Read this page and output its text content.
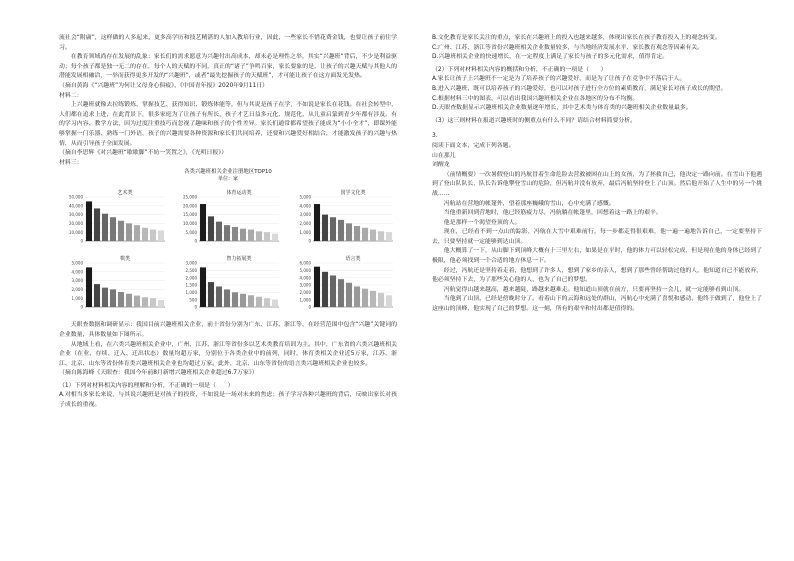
流社会“附庸”，这样做的人多起来，更多高学历和技艺精湛的人加入教培行业，因此，一些家长不惜花费金钱，也要让孩子前往学习。

在教育领域尚存在发展的乱象：家长们的需求愿意为兴趣付出高成本，却未必是理性之举，其实“兴趣班”背后，不少是利益驱动；每个孩子都是独一无二的存在，每个人的天赋的不同，真正的“诸子”争鸣百家，家长要象的是，让孩子的兴趣天赋与其他人的潜能发展相融洽，一举而获得更多开发的“兴趣班”，或者“最先挖掘孩子的天赋班”，才可能让孩子在这方面发光发热。

（摘自黄海《“兴趣班”为何让父母身心俱疲》，《中国青年报》2020年9月11日）

材料二：

上兴趣班就像去拉练锻炼、掌握技艺、获得知识、锻炼体能等，但与其说是孩子在学，不如说是家长在花钱。在社会转型中，人们都在追求上进，在此背景下，很多家庭为了让孩子有所长，孩子才艺日益多元化、规范化，从儿童启蒙到青少年都有涉及。有的学习内容、教学方法，因为过度注重技巧而忽视了趣味和孩子的个性差异。家长们通常都希望孩子能成为“小小全才”，即课外能够掌握一门乐器、熟练一门外语，孩子的兴趣需要各种资源和家长们共同培养，还要和兴趣爱好相结合，才能激发孩子的兴趣与热情，从而引导孩子全面发展。

（摘自李思辉《对兴趣班“歇歇脚”不妨一笑置之》，《光明日报》）

材料三：

各类兴趣班相关企业注册地区TOP10
单位：家
艺术类
0
10,000
20,000
30,000
40,000
50,000
体育运动类
0
5,000
10,000
15,000
20,000
25,000
国学文化类
0
1,000
2,000
3,000
4,000
5,000
棋类
0
1,000
2,000
3,000
4,000
5,000
智力拓展类
0
500
1,000
1,500
2,000
2,500
3,000
语言类
0
1,000
2,000
3,000
4,000
5,000
6,000

天眼查数据和调研显示：我国目前兴趣班相关企业，前十省份分别为广东、江苏、浙江等，在经营范围中包含“兴趣”关键词的企业数量，具体数量如下图所示。

从地域上看，在六类兴趣班相关企业中，广州、江苏、浙江等省份多以艺术类教育培训为主。其中，广东省的六类兴趣班相关企业（在业、存续、迁入、迁出状态）数量均超万家，分别位于各类企业中的前列，同时，体育类相关企业近5万家，江苏、浙江、北京、山东等省份体育类兴趣班相关企业也均超过万家。此外，北京、山东等省份的语言类兴趣班相关企业也较多。

（摘自陈海峰《天眼查：我国今年前8月新增兴趣班相关企业超过6.7万家》）

（1）下列对材料相关内容的理解和分析，不正确的一项是（　　）

A.对相当多家长来说，与其说兴趣班是对孩子的投资，不如说是一场对未来的焦虑；孩子学习各种兴趣班的背后，反映出家长对孩子成长的重视。

B.文化教育是家长关注的重点，家长在兴趣班上的投入也越来越多，体现出家长在孩子教育投入上的观念转变。

C.广州、江苏、浙江等省份兴趣班相关企业数量较多，与当地经济发展水平、家长教育观念等因素有关。

D.兴趣班相关企业的快速增长，在一定程度上满足了家长与孩子的多元化需求，值得肯定。

（2）下列对材料相关内容的概括和分析，不正确的一项是（　　）

A.家长让孩子上兴趣班不一定是为了培养孩子的兴趣爱好，而是为了让孩子在竞争中不落后于人。

B.进入兴趣班，既可以培养孩子的兴趣爱好，也可以对孩子进行全方位的素质教育，满足家长对孩子成长的期望。

C.根据材料三中的图表，可以看出我国兴趣班相关企业在各地区的分布不均衡。

D.天眼查数据显示兴趣班相关企业数量逐年增长，其中艺术类与体育类的兴趣班相关企业数量最多。

（3）这三则材料在报道兴趣班时的侧重点有什么不同？请结合材料简要分析。

3.

阅读下面文本，完成下列各题。

山在那儿

刘醒龙

（前情概要）一次暑假登山的冯航冒着生命危险去营救被困在山上的女孩，为了拯救自己，他决定一路向前。在雪山下他遇到了登山队队长，队长告诉他攀登雪山的危险，但冯航并没有放弃，最后冯航坚持登上了山顶。然后他开始了人生中的另一个挑战……

冯航站在营地的帐篷外，望着那座巍峨的雪山，心中充满了感慨。

当他重新回到营地时，他已经筋疲力尽，冯航躺在帐篷里，回想着这一路上的艰辛。

他是那样一个渴望登顶的人。

现在，已经看不到一点山的踪影，冯航在大雪中艰难前行，每一步都走得很艰难，他一遍一遍地告诉自己，一定要坚持下去，只要坚持就一定能够到达山顶。

他大概算了一下，从山脚下到顶峰大概有十三里左右，如果是在平时，他的体力可以轻松完成，但是现在他的身体已经到了极限，他必须找到一个合适的地方休息一下。

经过，冯航还是坚持着走着，他想到了许多人，想到了家乡的亲人，想到了那些曾经帮助过他的人，他知道自己不能放弃，他必须坚持下去，为了那些关心他的人，也为了自己的梦想。

冯航觉得山越来越高，越来越陡，路越来越难走。他知道山顶就在前方，只要再坚持一会儿，就一定能够看到山顶。

当他到了山顶，已经是傍晚时分了。看着山下的云海和远处的群山，冯航心中充满了喜悦和感动，他终于做到了，他登上了这座山的顶峰，他实现了自己的梦想。这一刻，所有的艰辛和付出都是值得的。
